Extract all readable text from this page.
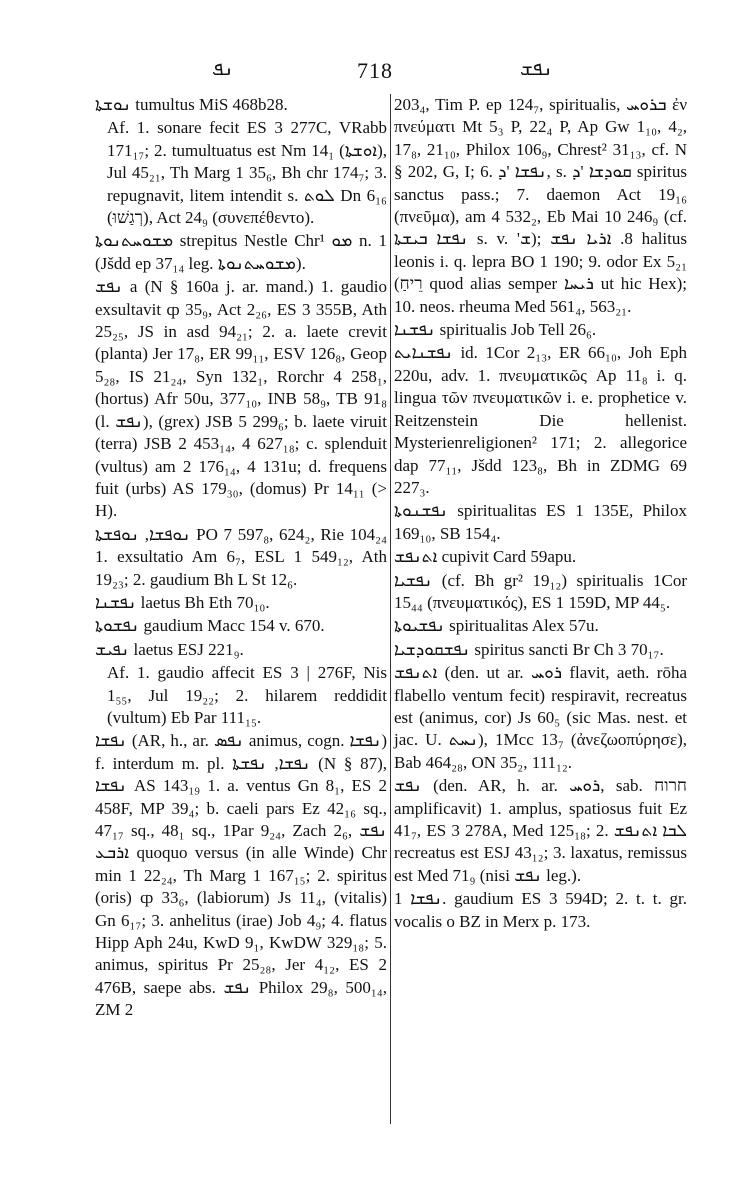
ܢܦ	718	ܢܦܫ

ܢܘܫܬܐ tumultus MiS 468b28.

Af. 1. sonare fecit ES 3 277C, VRabb 171₁₇; 2. tumultuatus est Nm 14₁ (ܐܘܫܬܐ), Jul 45₂₁, Th Marg 1 35₆, Bh chr 174₇; 3. repugnavit, litem intendit s. ܠܘܬ Dn 6₁₆ (רְגַשׁוּ), Act 24₉ (συνεπέθεντο).

ܡܫܘܚܬܢܘܬܐ strepitus Nestle Chr¹ ܡܘ n. 1 (Jšdd ep 37₁₄ leg. ܡܫܘܚܬܢܘܬܐ).

ܢܦܫ a (N § 160a j. ar. mand.) 1. gaudio exsultavit ȹ 35₉, Act 2₂₆, ES 3 355B, Ath 25₂₅, JS in asd 94₂₁; 2. a. laete crevit (planta) Jer 17₈, ER 99₁₁, ESV 126₈, Geop 5₂₈, IS 21₂₄, Syn 132₁, Rorchr 4 258₁, (hortus) Afr 50u, 377₁₀, INB 58₉, TB 91₈ (l. ܢܦܫ), (grex) JSB 5 299₆; b. laete viruit (terra) JSB 2 453₁₄, 4 627₁₈; c. splenduit (vultus) am 2 176₁₄, 4 131u; d. frequens fuit (urbs) AS 179₃₀, (domus) Pr 14₁₁ (> H).

ܢܘܦܫܐ, ܢܘܦܫܬܐ PO 7 597₈, 624₂, Rie 104₂₄ 1. exsultatio Am 6₇, ESL 1 549₁₂, Ath 19₂₃; 2. gaudium Bh L St 12₆.

ܢܦܫܢܐ laetus Bh Eth 70₁₀.

ܢܦܫܘܬܐ gaudium Macc 154 v. 670.

ܢܦܝܫ laetus ESJ 221₉.

Af. 1. gaudio affecit ES 3 | 276F, Nis 1₅₅, Jul 19₂₂; 2. hilarem reddidit (vultum) Eb Par 111₁₅.

ܢܦܫܐ (AR, h., ar. ܢܦܣ animus, cogn. ܢܦܫܐ) f. interdum m. pl. ܢܦܫܐ, ܢܦܫܬܐ (N § 87), ܢܦܫܐ AS 143₁₉ 1. a. ventus Gn 8₁, ES 2 458F, MP 39₄; b. caeli pars Ez 42₁₆ sq., 47₁₇ sq., 48₁ sq., 1Par 9₂₄, Zach 2₆, ܢܦܫ ܐܪܒܥ quoquo versus (in alle Winde) Chr min 1 22₂₄, Th Marg 1 167₁₅; 2. spiritus (oris) ȹ 33₆, (labiorum) Js 11₄, (vitalis) Gn 6₁₇; 3. anhelitus (irae) Job 4₉; 4. flatus Hipp Aph 24u, KwD 9₁, KwDW 329₁₈; 5. animus, spiritus Pr 25₂₈, Jer 4₁₂, ES 2 476B, saepe abs. ܢܦܫ Philox 29₈, 500₁₄, ZM 2

203₄, Tim P. ep 124₇, spiritualis, ܒܪܘܚ ἐν πνεύματι Mt 5₃ P, 22₄ P, Ap Gw 1₁₀, 4₂, 17₈, 21₁₀, Philox 106₉, Chrest² 31₁₃, cf. N § 202, G, I; 6. ܢܦܫܐ 'ܕ, s. ܩܘܕܫܐ 'ܕ spiritus sanctus pass.; 7. daemon Act 19₁₆ (πνεῦμα), am 4 532₂, Eb Mai 10 246₉ (cf. ܢܦܫܐ ܒܝܫܬܐ s. v. 'ܫ); 8. ܐܪܝܐ ܢܦܫ halitus leonis i. q. lepra BO 1 190; 9. odor Ex 5₂₁ (רֵיחַ quod alias semper ܪܝܚܐ ut hic Hex); 10. neos. rheuma Med 561₄, 563₂₁.

ܢܦܫܢܐ spiritualis Job Tell 26₆.

ܢܦܫܢܐܝܬ id. 1Cor 2₁₃, ER 66₁₀, Joh Eph 220u, adv. 1. πνευματικῶς Ap 11₈ i. q. lingua τῶν πνευματικῶν i. e. prophetice v. Reitzenstein Die hellenist. Mysterienreligionen² 171; 2. allegorice dap 77₁₁, Jšdd 123₈, Bh in ZDMG 69 227₃.

ܢܦܫܢܘܬܐ spiritualitas ES 1 135E, Philox 169₁₀, SB 154₄.

ܐܬܢܦܫ cupivit Card 59apu.

ܢܦܫܝܐ (cf. Bh gr² 19₁₂) spiritualis 1Cor 15₄₄ (πνευματικός), ES 1 159D, MP 44₅.

ܢܦܫܝܘܬܐ spiritualitas Alex 57u.

ܢܦܫܩܘܕܫܝܐ spiritus sancti Br Ch 3 70₁₇.

ܐܬܢܦܫ (den. ut ar. ܪܘܚ flavit, aeth. rōha flabello ventum fecit) respiravit, recreatus est (animus, cor) Js 60₅ (sic Mas. nest. et jac. U. ܢܚܬ), 1Mcc 13₇ (ἀνεζωοπύρησε), Bab 464₂₈, ON 35₂, 111₁₂.

ܢܦܫ (den. AR, h. ar. ܪܘܚ, sab. חרוח amplificavit) 1. amplus, spatiosus fuit Ez 41₇, ES 3 278A, Med 125₁₈; 2. ܠܒܐ ܐܬܢܦܫ recreatus est ESJ 43₁₂; 3. laxatus, remissus est Med 71₉ (nisi ܢܦܫ leg.).

ܢܦܫܐ 1. gaudium ES 3 594D; 2. t. t. gr. vocalis o BZ in Merx p. 173.
